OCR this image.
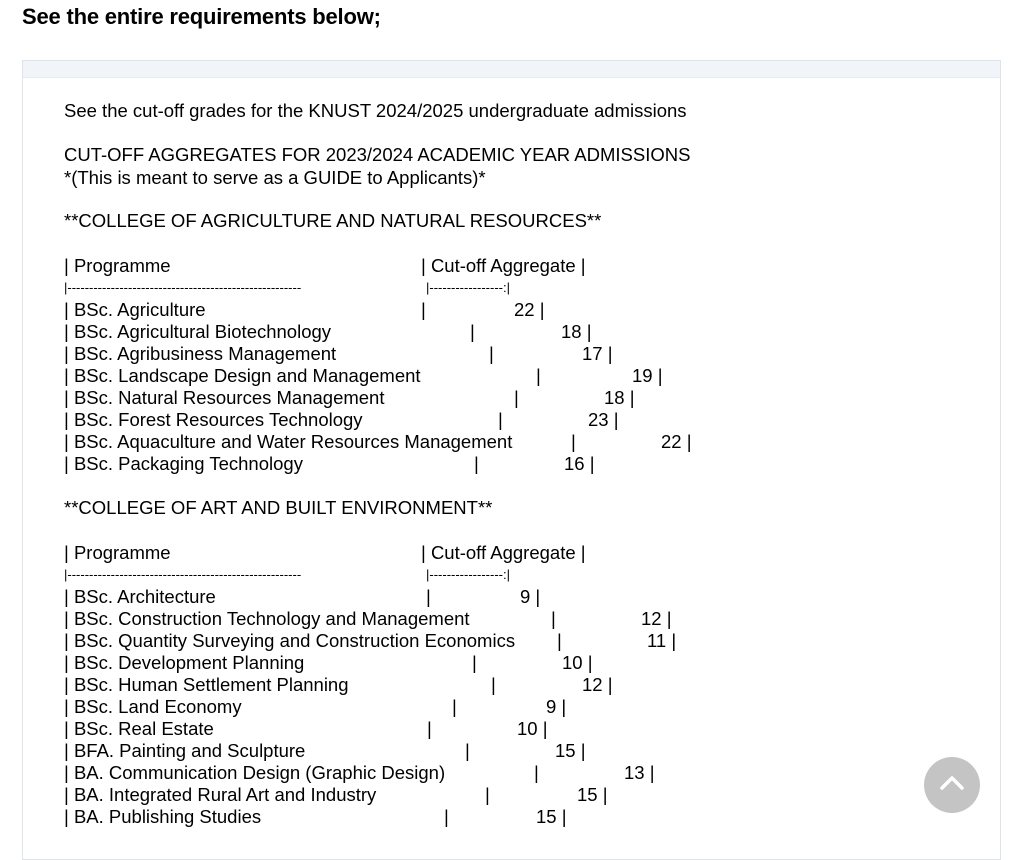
See the entire requirements below;
See the cut-off grades for the KNUST 2024/2025 undergraduate admissions
CUT-OFF AGGREGATES FOR 2023/2024 ACADEMIC YEAR ADMISSIONS
*(This is meant to serve as a GUIDE to Applicants)*
**COLLEGE OF AGRICULTURE AND NATURAL RESOURCES**
| Programme	| Cut-off Aggregate |
|------------------------------------------------------	|-----------------:|
| BSc. Agriculture	|	22 |
| BSc. Agricultural Biotechnology	|	18 |
| BSc. Agribusiness Management	|	17 |
| BSc. Landscape Design and Management	|	19 |
| BSc. Natural Resources Management	|	18 |
| BSc. Forest Resources Technology	|	23 |
| BSc. Aquaculture and Water Resources Management	|	22 |
| BSc. Packaging Technology	|	16 |
**COLLEGE OF ART AND BUILT ENVIRONMENT**
| Programme	| Cut-off Aggregate |
|------------------------------------------------------	|-----------------:|
| BSc. Architecture	|	9 |
| BSc. Construction Technology and Management	|	12 |
| BSc. Quantity Surveying and Construction Economics |	11 |
| BSc. Development Planning	|	10 |
| BSc. Human Settlement Planning	|	12 |
| BSc. Land Economy	|	9 |
| BSc. Real Estate	|	10 |
| BFA. Painting and Sculpture	|	15 |
| BA. Communication Design (Graphic Design)	|	13 |
| BA. Integrated Rural Art and Industry	|	15 |
| BA. Publishing Studies	|	15 |
